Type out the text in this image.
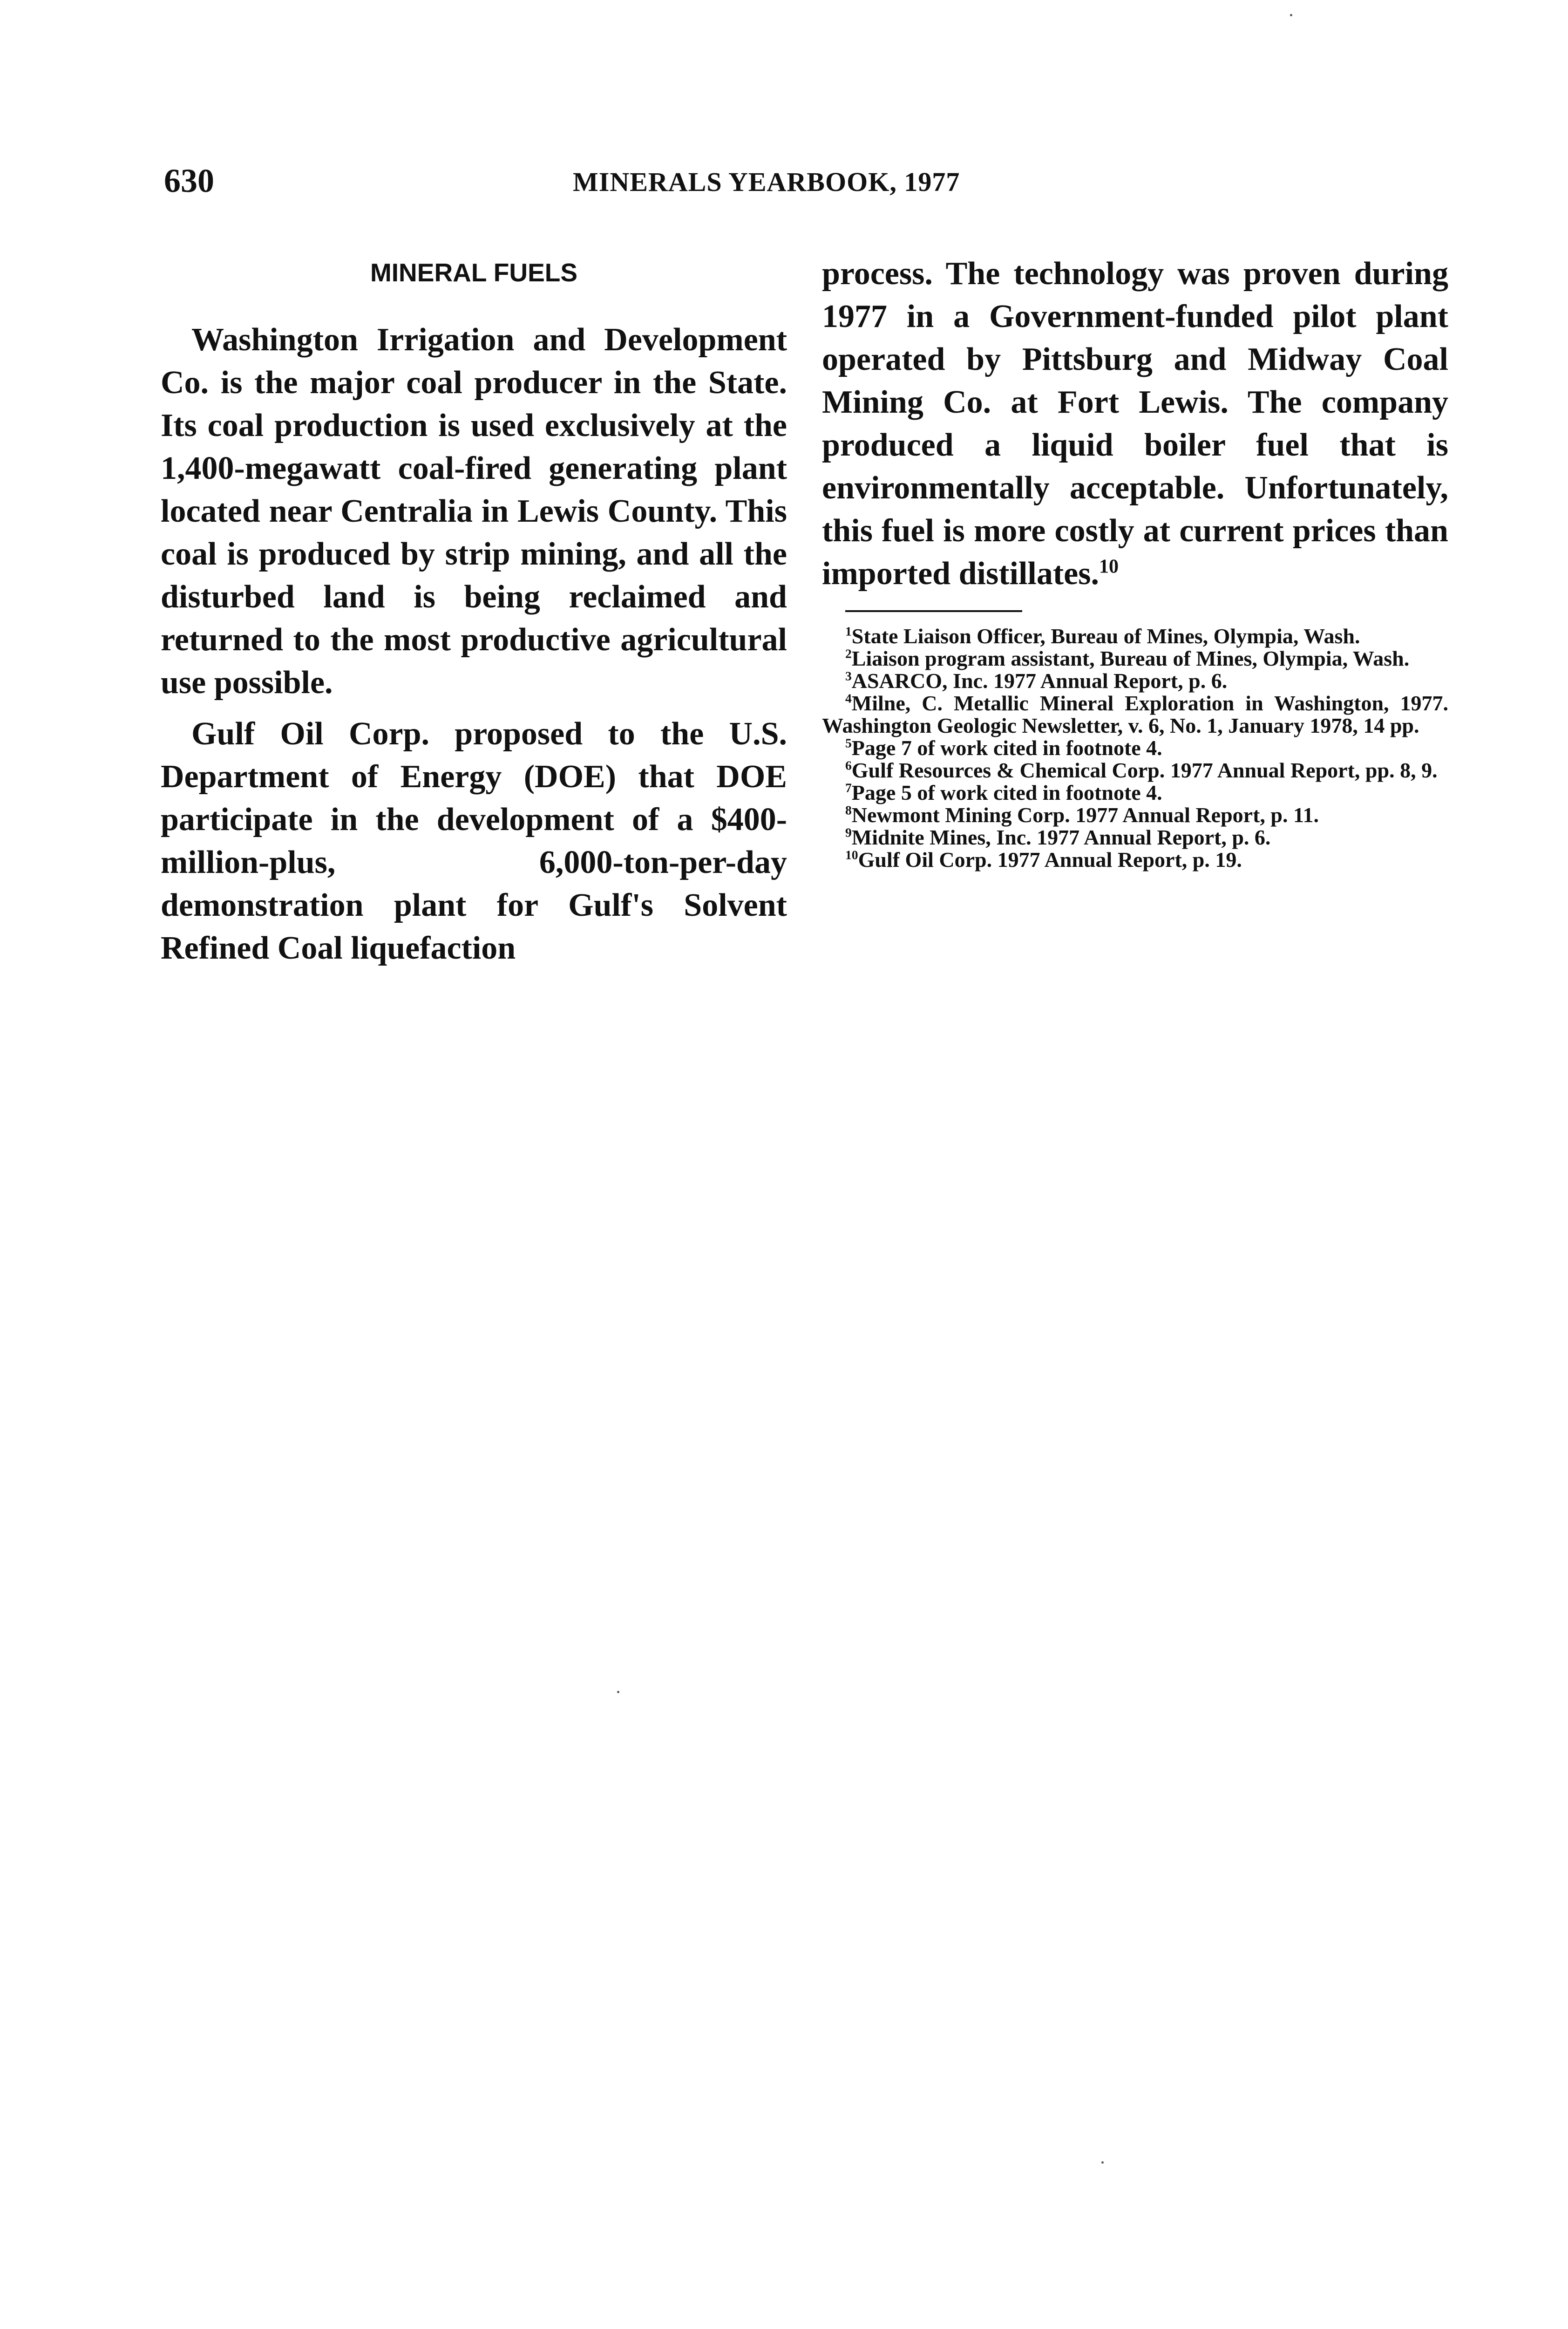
630	MINERALS YEARBOOK, 1977
MINERAL FUELS

Washington Irrigation and Development Co. is the major coal producer in the State. Its coal production is used exclusively at the 1,400-megawatt coal-fired generating plant located near Centralia in Lewis County. This coal is produced by strip mining, and all the disturbed land is being reclaimed and returned to the most productive agricultural use possible.

Gulf Oil Corp. proposed to the U.S. Department of Energy (DOE) that DOE participate in the development of a $400-million-plus, 6,000-ton-per-day demonstration plant for Gulf's Solvent Refined Coal liquefaction

process. The technology was proven during 1977 in a Government-funded pilot plant operated by Pittsburg and Midway Coal Mining Co. at Fort Lewis. The company produced a liquid boiler fuel that is environmentally acceptable. Unfortunately, this fuel is more costly at current prices than imported distillates.$^{10}$

$^1$State Liaison Officer, Bureau of Mines, Olympia, Wash.
$^2$Liaison program assistant, Bureau of Mines, Olympia, Wash.
$^3$ASARCO, Inc. 1977 Annual Report, p. 6.
$^4$Milne, C. Metallic Mineral Exploration in Washington, 1977. Washington Geologic Newsletter, v. 6, No. 1, January 1978, 14 pp.
$^5$Page 7 of work cited in footnote 4.
$^6$Gulf Resources & Chemical Corp. 1977 Annual Report, pp. 8, 9.
$^7$Page 5 of work cited in footnote 4.
$^8$Newmont Mining Corp. 1977 Annual Report, p. 11.
$^9$Midnite Mines, Inc. 1977 Annual Report, p. 6.
$^{10}$Gulf Oil Corp. 1977 Annual Report, p. 19.
